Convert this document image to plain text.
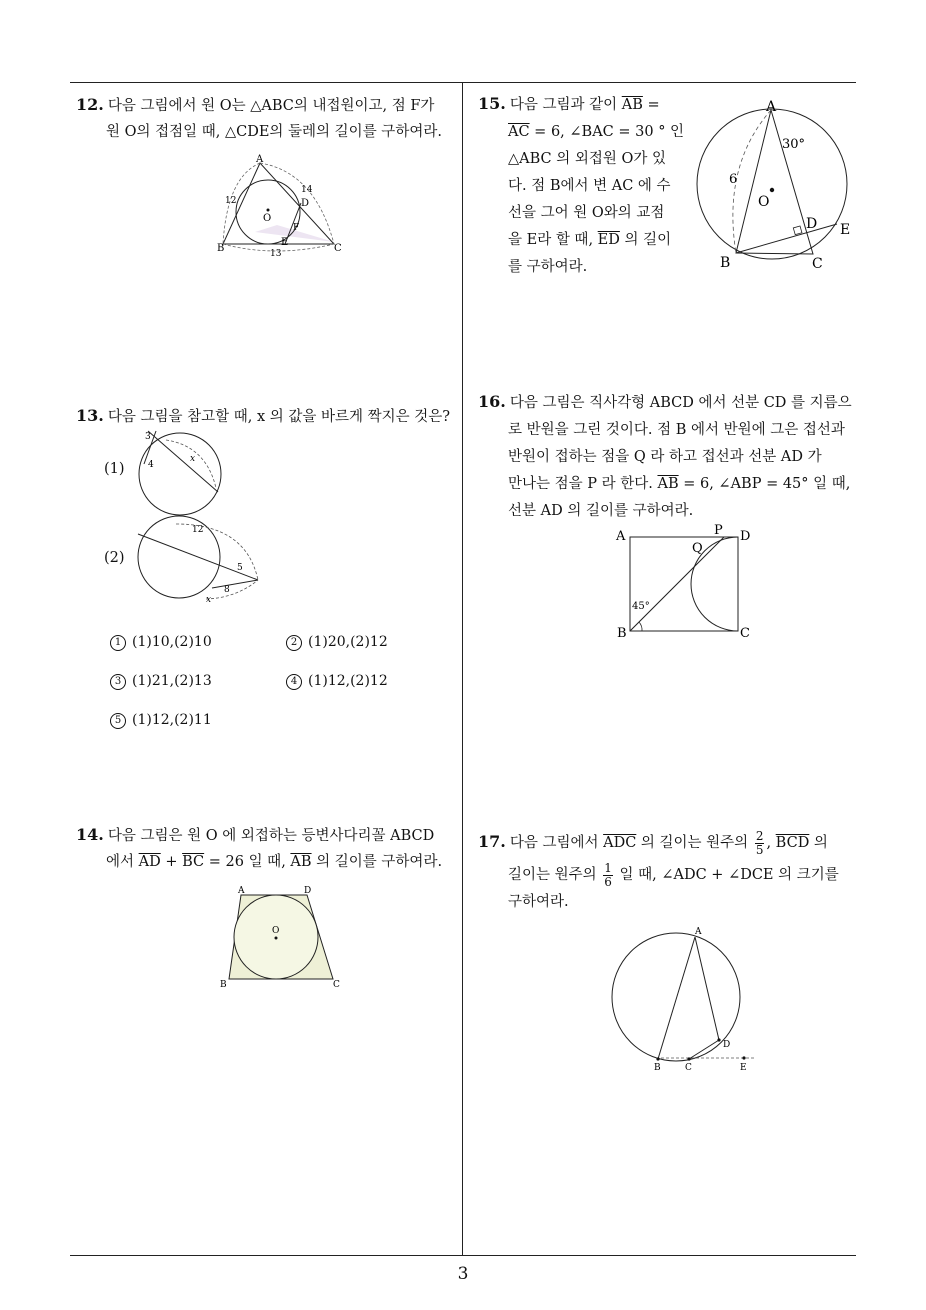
12. 다음 그림에서 원 O는 △ABC의 내접원이고, 점 F가
원 O의 접점일 때, △CDE의 둘레의 길이를 구하여라.
A
B	C
D
E
F
O
12
14
13
13. 다음 그림을 참고할 때, x 의 값을 바르게 짝지은 것은?
(1)
(2)
3
4
x
12
5
8
x
1 (1)10,(2)10	2 (1)20,(2)12
3 (1)21,(2)13	4 (1)12,(2)12
5 (1)12,(2)11
14. 다음 그림은 원 O 에 외접하는 등변사다리꼴 ABCD
에서 $\overline{AD} + \overline{BC} = 26$ 일 때, $\overline{AB}$ 의 길이를 구하여라.
A	D
B	C
O
15. 다음 그림과 같이 $\overline{AB}$ =
$\overline{AC} = 6$, ∠BAC = 30 ° 인
△ABC 의 외접원 O가 있
다. 점 B에서 변 AC 에 수
선을 그어 원 O와의 교점
을 E라 할 때, $\overline{ED}$ 의 길이
를 구하여라.
A
B	C
D E
O
6
30°
16. 다음 그림은 직사각형 ABCD 에서 선분 CD 를 지름으
로 반원을 그린 것이다. 점 B 에서 반원에 그은 접선과
반원이 접하는 점을 Q 라 하고 접선과 선분 AD 가
만나는 점을 P 라 한다. $\overline{AB} = 6$, ∠ABP = 45° 일 때,
선분 AD 의 길이를 구하여라.
A
B	C
D
P
Q
45°
17. 다음 그림에서 $\overline{ADC}$ 의 길이는 원주의 $\frac{2}{5}$ , $\overline{BCD}$ 의
길이는 원주의 $\frac{1}{6}$ 일 때, ∠ADC + ∠DCE 의 크기를
구하여라.
A
B	C
D
E
3
